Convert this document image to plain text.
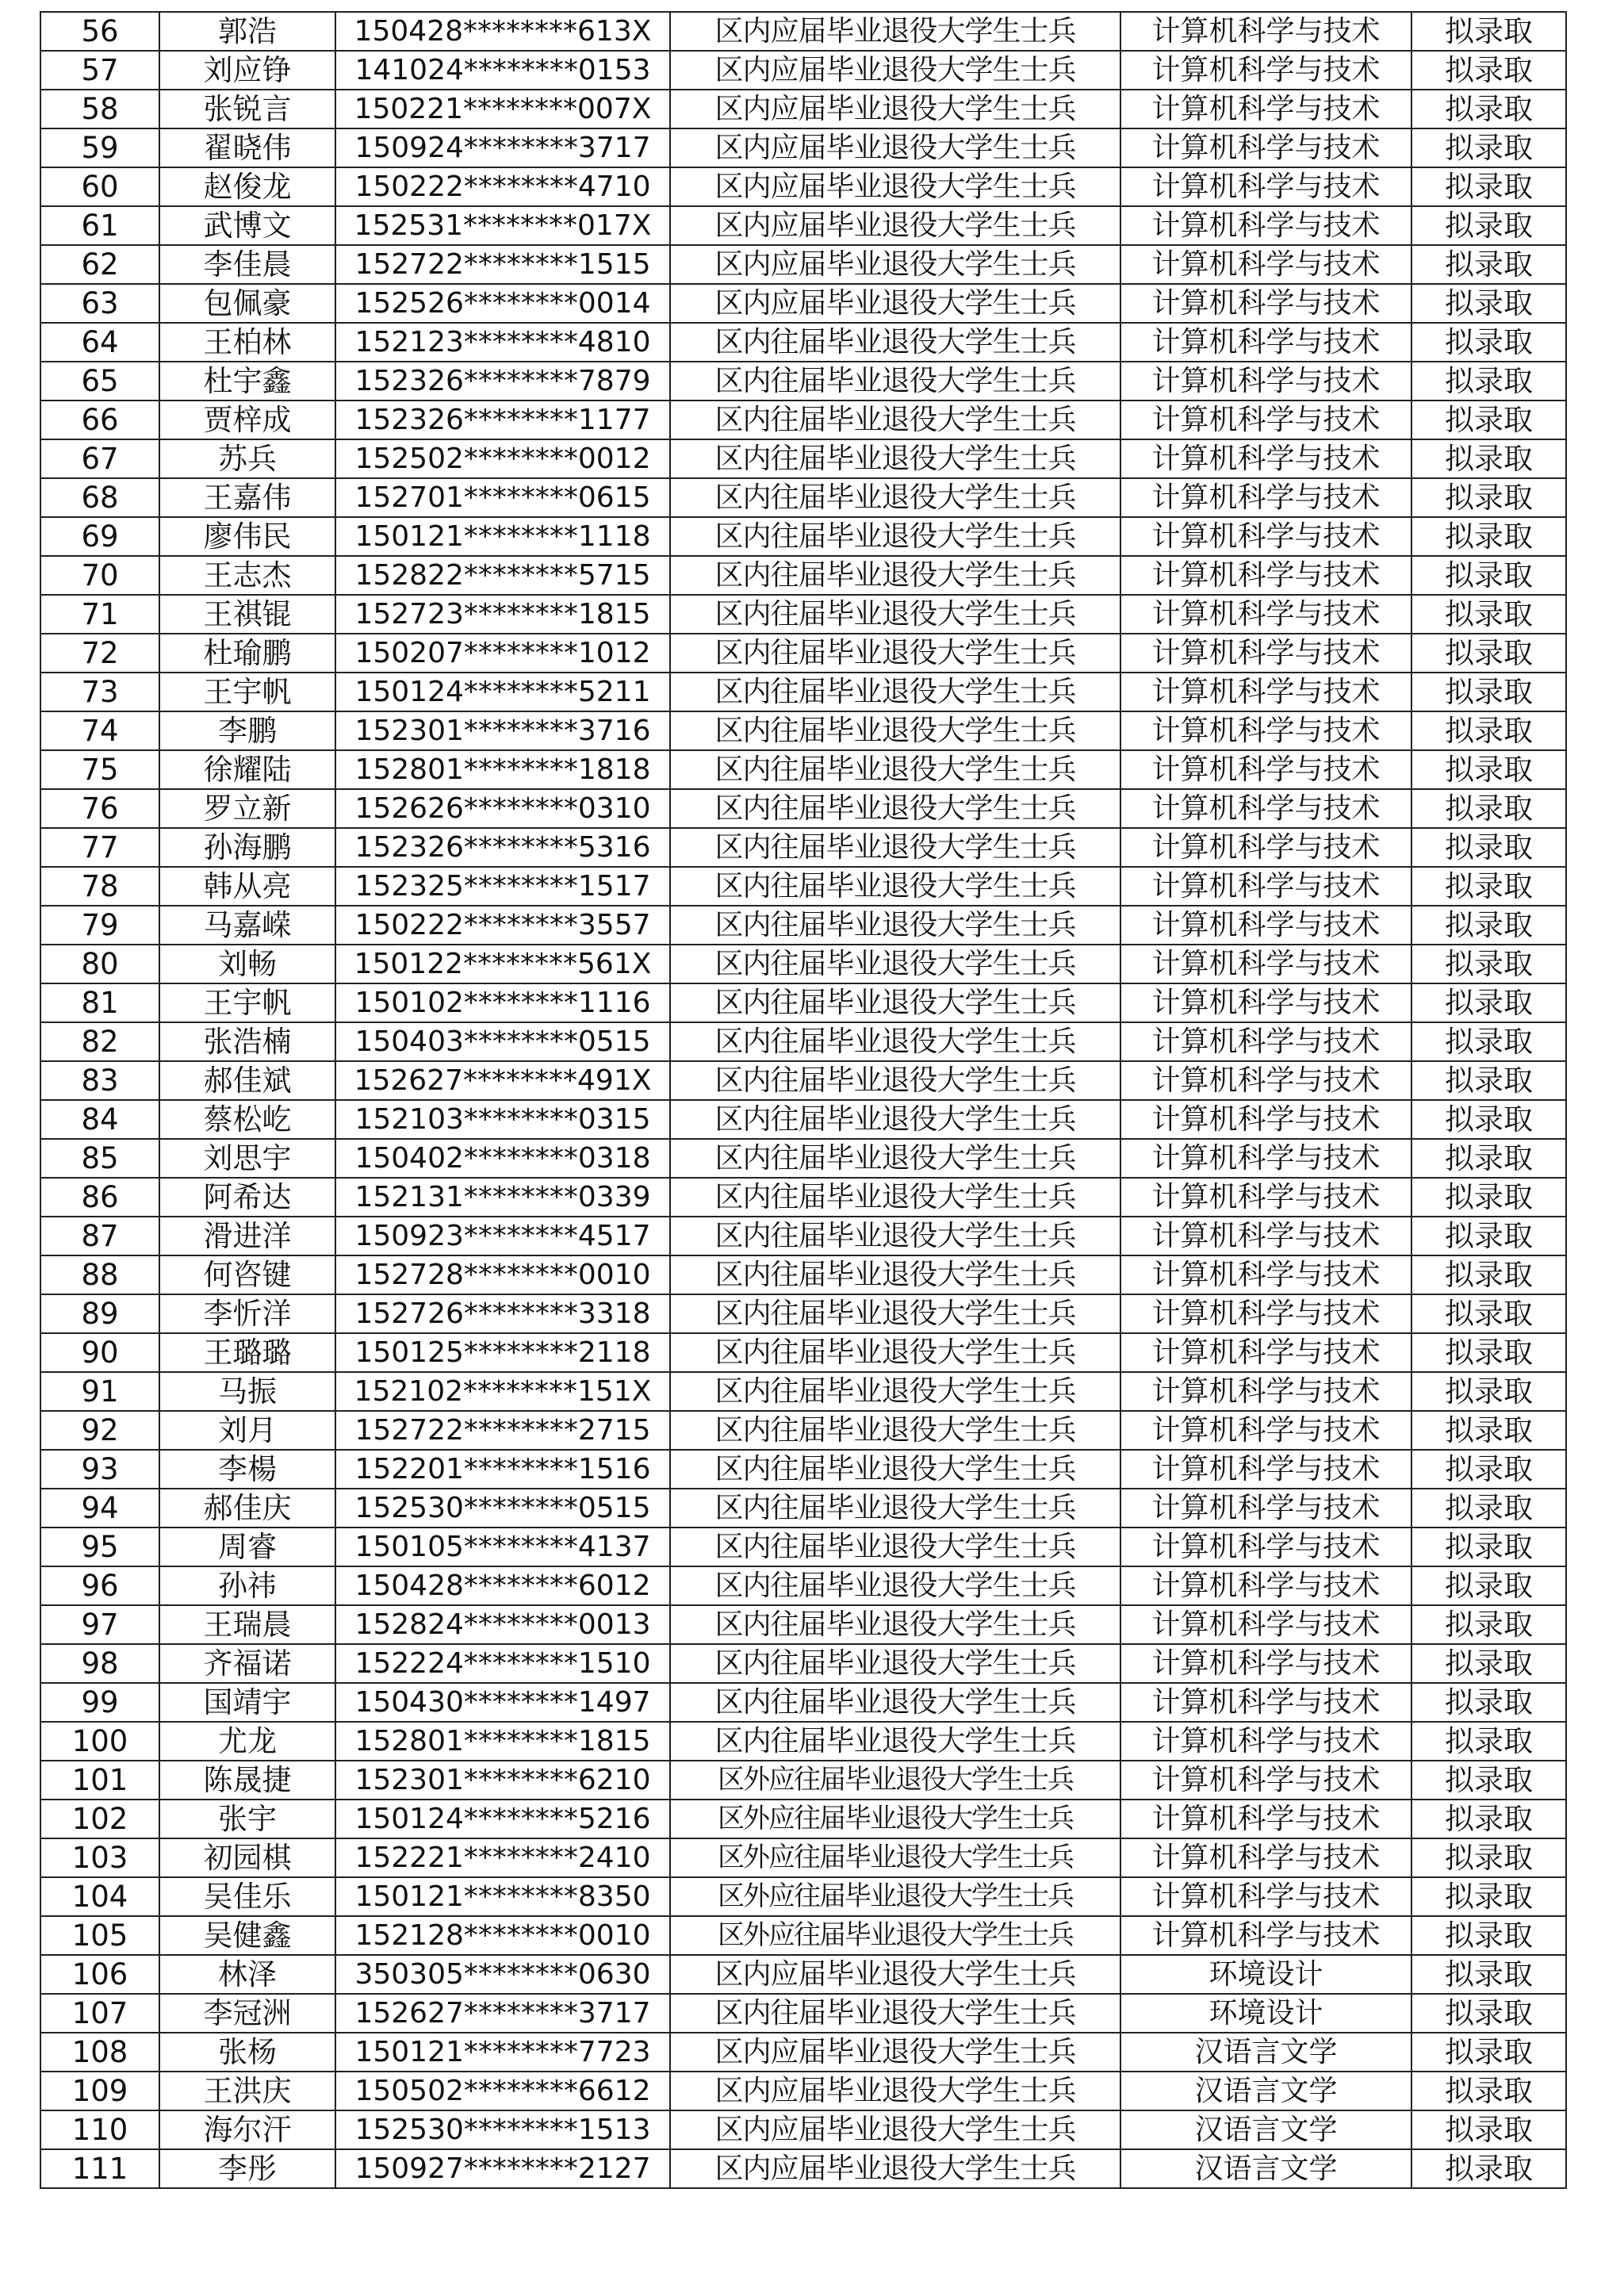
56	郭浩	150428********613X	区内应届毕业退役大学生士兵	计算机科学与技术	拟录取
57	刘应铮	141024********0153	区内应届毕业退役大学生士兵	计算机科学与技术	拟录取
58	张锐言	150221********007X	区内应届毕业退役大学生士兵	计算机科学与技术	拟录取
59	翟晓伟	150924********3717	区内应届毕业退役大学生士兵	计算机科学与技术	拟录取
60	赵俊龙	150222********4710	区内应届毕业退役大学生士兵	计算机科学与技术	拟录取
61	武博文	152531********017X	区内应届毕业退役大学生士兵	计算机科学与技术	拟录取
62	李佳晨	152722********1515	区内应届毕业退役大学生士兵	计算机科学与技术	拟录取
63	包佩豪	152526********0014	区内应届毕业退役大学生士兵	计算机科学与技术	拟录取
64	王柏林	152123********4810	区内往届毕业退役大学生士兵	计算机科学与技术	拟录取
65	杜宇鑫	152326********7879	区内往届毕业退役大学生士兵	计算机科学与技术	拟录取
66	贾梓成	152326********1177	区内往届毕业退役大学生士兵	计算机科学与技术	拟录取
67	苏兵	152502********0012	区内往届毕业退役大学生士兵	计算机科学与技术	拟录取
68	王嘉伟	152701********0615	区内往届毕业退役大学生士兵	计算机科学与技术	拟录取
69	廖伟民	150121********1118	区内往届毕业退役大学生士兵	计算机科学与技术	拟录取
70	王志杰	152822********5715	区内往届毕业退役大学生士兵	计算机科学与技术	拟录取
71	王祺锟	152723********1815	区内往届毕业退役大学生士兵	计算机科学与技术	拟录取
72	杜瑜鹏	150207********1012	区内往届毕业退役大学生士兵	计算机科学与技术	拟录取
73	王宇帆	150124********5211	区内往届毕业退役大学生士兵	计算机科学与技术	拟录取
74	李鹏	152301********3716	区内往届毕业退役大学生士兵	计算机科学与技术	拟录取
75	徐耀陆	152801********1818	区内往届毕业退役大学生士兵	计算机科学与技术	拟录取
76	罗立新	152626********0310	区内往届毕业退役大学生士兵	计算机科学与技术	拟录取
77	孙海鹏	152326********5316	区内往届毕业退役大学生士兵	计算机科学与技术	拟录取
78	韩从亮	152325********1517	区内往届毕业退役大学生士兵	计算机科学与技术	拟录取
79	马嘉嵘	150222********3557	区内往届毕业退役大学生士兵	计算机科学与技术	拟录取
80	刘畅	150122********561X	区内往届毕业退役大学生士兵	计算机科学与技术	拟录取
81	王宇帆	150102********1116	区内往届毕业退役大学生士兵	计算机科学与技术	拟录取
82	张浩楠	150403********0515	区内往届毕业退役大学生士兵	计算机科学与技术	拟录取
83	郝佳斌	152627********491X	区内往届毕业退役大学生士兵	计算机科学与技术	拟录取
84	蔡松屹	152103********0315	区内往届毕业退役大学生士兵	计算机科学与技术	拟录取
85	刘思宇	150402********0318	区内往届毕业退役大学生士兵	计算机科学与技术	拟录取
86	阿希达	152131********0339	区内往届毕业退役大学生士兵	计算机科学与技术	拟录取
87	滑进洋	150923********4517	区内往届毕业退役大学生士兵	计算机科学与技术	拟录取
88	何咨键	152728********0010	区内往届毕业退役大学生士兵	计算机科学与技术	拟录取
89	李忻洋	152726********3318	区内往届毕业退役大学生士兵	计算机科学与技术	拟录取
90	王璐璐	150125********2118	区内往届毕业退役大学生士兵	计算机科学与技术	拟录取
91	马振	152102********151X	区内往届毕业退役大学生士兵	计算机科学与技术	拟录取
92	刘月	152722********2715	区内往届毕业退役大学生士兵	计算机科学与技术	拟录取
93	李楊	152201********1516	区内往届毕业退役大学生士兵	计算机科学与技术	拟录取
94	郝佳庆	152530********0515	区内往届毕业退役大学生士兵	计算机科学与技术	拟录取
95	周睿	150105********4137	区内往届毕业退役大学生士兵	计算机科学与技术	拟录取
96	孙祎	150428********6012	区内往届毕业退役大学生士兵	计算机科学与技术	拟录取
97	王瑞晨	152824********0013	区内往届毕业退役大学生士兵	计算机科学与技术	拟录取
98	齐福诺	152224********1510	区内往届毕业退役大学生士兵	计算机科学与技术	拟录取
99	国靖宇	150430********1497	区内往届毕业退役大学生士兵	计算机科学与技术	拟录取
100	尤龙	152801********1815	区内往届毕业退役大学生士兵	计算机科学与技术	拟录取
101	陈晟捷	152301********6210	区外应往届毕业退役大学生士兵	计算机科学与技术	拟录取
102	张宇	150124********5216	区外应往届毕业退役大学生士兵	计算机科学与技术	拟录取
103	初园棋	152221********2410	区外应往届毕业退役大学生士兵	计算机科学与技术	拟录取
104	吴佳乐	150121********8350	区外应往届毕业退役大学生士兵	计算机科学与技术	拟录取
105	吴健鑫	152128********0010	区外应往届毕业退役大学生士兵	计算机科学与技术	拟录取
106	林泽	350305********0630	区内应届毕业退役大学生士兵	环境设计	拟录取
107	李冠洲	152627********3717	区内往届毕业退役大学生士兵	环境设计	拟录取
108	张杨	150121********7723	区内应届毕业退役大学生士兵	汉语言文学	拟录取
109	王洪庆	150502********6612	区内应届毕业退役大学生士兵	汉语言文学	拟录取
110	海尔汗	152530********1513	区内应届毕业退役大学生士兵	汉语言文学	拟录取
111	李彤	150927********2127	区内应届毕业退役大学生士兵	汉语言文学	拟录取
